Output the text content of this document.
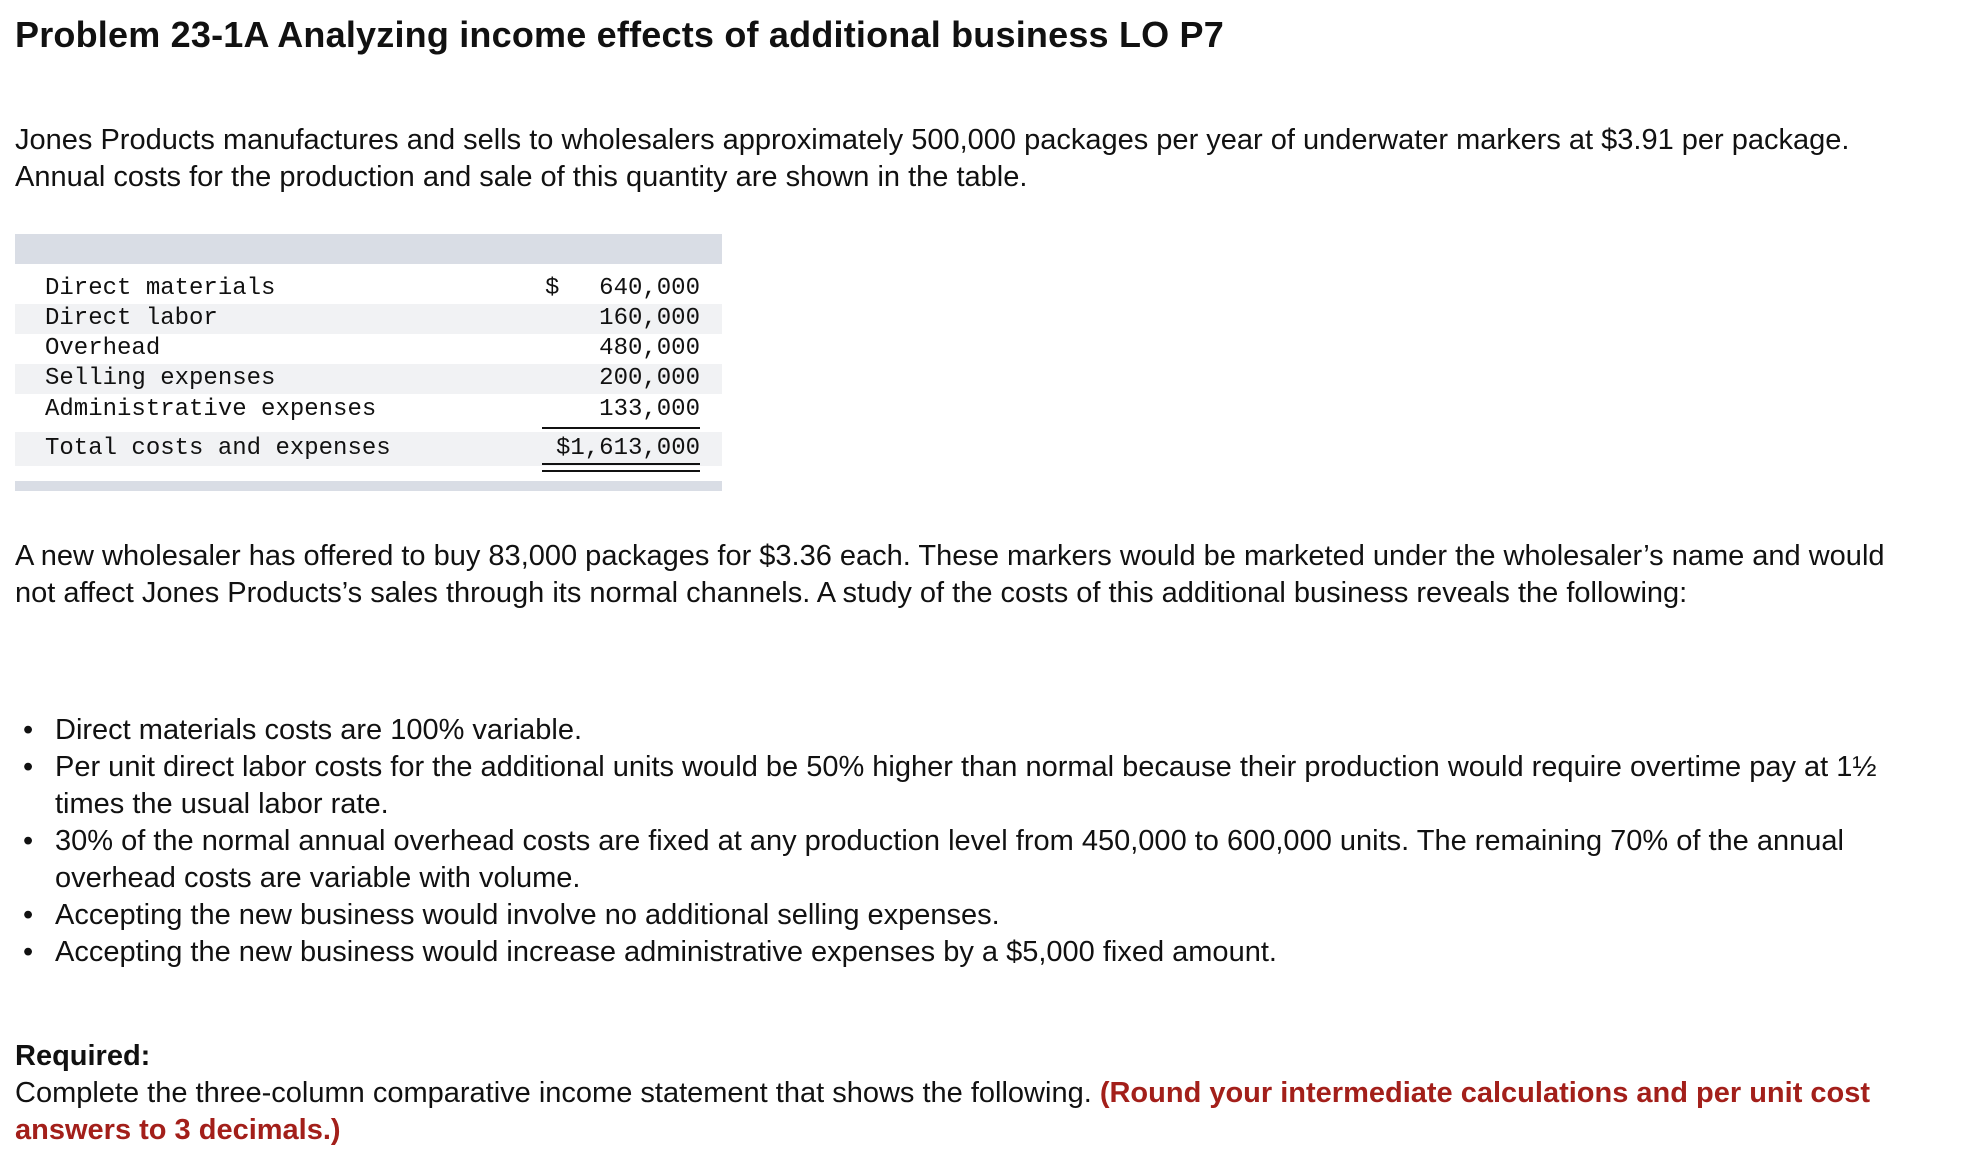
Problem 23-1A Analyzing income effects of additional business LO P7

Jones Products manufactures and sells to wholesalers approximately 500,000 packages per year of underwater markers at $3.91 per package. Annual costs for the production and sale of this quantity are shown in the table.

Direct materials	$ 640,000
Direct labor	160,000
Overhead	480,000
Selling expenses	200,000
Administrative expenses	133,000
Total costs and expenses	$1,613,000

A new wholesaler has offered to buy 83,000 packages for $3.36 each. These markers would be marketed under the wholesaler’s name and would not affect Jones Products’s sales through its normal channels. A study of the costs of this additional business reveals the following:

• Direct materials costs are 100% variable.
• Per unit direct labor costs for the additional units would be 50% higher than normal because their production would require overtime pay at 1½ times the usual labor rate.
• 30% of the normal annual overhead costs are fixed at any production level from 450,000 to 600,000 units. The remaining 70% of the annual overhead costs are variable with volume.
• Accepting the new business would involve no additional selling expenses.
• Accepting the new business would increase administrative expenses by a $5,000 fixed amount.

Required:

Complete the three-column comparative income statement that shows the following. (Round your intermediate calculations and per unit cost answers to 3 decimals.)
